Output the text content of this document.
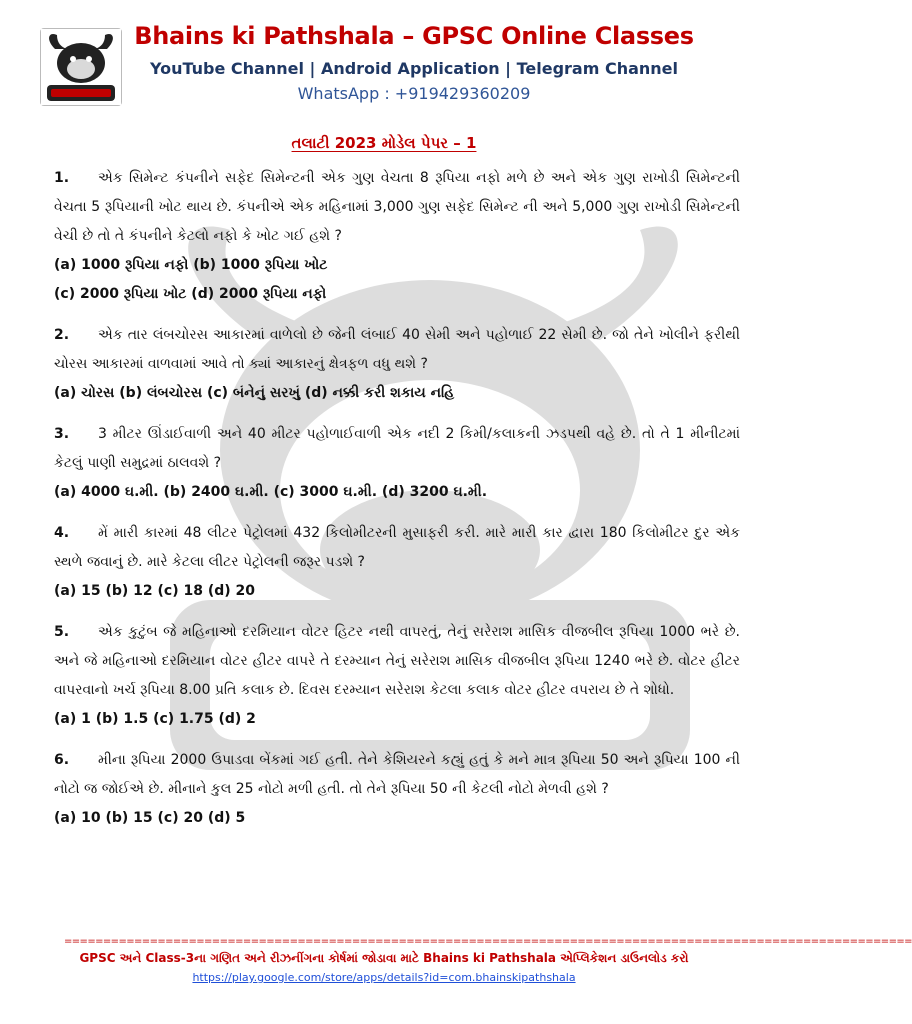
Bhains ki Pathshala – GPSC Online Classes
YouTube Channel | Android Application | Telegram Channel
WhatsApp : +919429360209
તલાટી 2023 મોડેલ પેપર – 1
1. એક સિમેન્ટ કંપનીને સફેદ સિમેન્ટની એક ગુણ વેચતા 8 રૂપિયા નફો મળે છે અને એક ગુણ રાખોડી સિમેન્ટની વેચતા 5 રૂપિયાની ખોટ થાય છે. કંપનીએ એક મહિનામાં 3,000 ગુણ સફેદ સિમેન્ટ ની અને 5,000 ગુણ રાખોડી સિમેન્ટની વેચી છે તો તે કંપનીને કેટલો નફો કે ખોટ ગઈ હશે ?
(a) 1000 રૂપિયા નફો (b) 1000 રૂપિયા ખોટ
(c) 2000 રૂપિયા ખોટ (d) 2000 રૂપિયા નફો
2. એક તાર લંબચોરસ આકારમાં વાળેલો છે જેની લંબાઈ 40 સેમી અને પહોળાઈ 22 સેમી છે. જો તેને ખોલીને ફરીથી ચોરસ આકારમાં વાળવામાં આવે તો ક્યાં આકારનું ક્ષેત્રફળ વધુ થશે ?
(a) ચોરસ (b) લંબચોરસ (c) બંનેનું સરખું (d) નક્કી કરી શકાય નહિ
3. 3 મીટર ઊંડાઈવાળી અને 40 મીટર પહોળાઈવાળી એક નદી 2 કિમી/કલાકની ઝડપથી વહે છે. તો તે 1 મીનીટમાં કેટલું પાણી સમુદ્રમાં ઠાલવશે ?
(a) 4000 ઘ.મી. (b) 2400 ઘ.મી. (c) 3000 ઘ.મી. (d) 3200 ઘ.મી.
4. મેં મારી કારમાં 48 લીટર પેટ્રોલમાં 432 કિલોમીટરની મુસાફરી કરી. મારે મારી કાર દ્વારા 180 કિલોમીટર દુર એક સ્થળે જવાનું છે. મારે કેટલા લીટર પેટ્રોલની જરૂર પડશે ?
(a) 15 (b) 12 (c) 18 (d) 20
5. એક કુટુંબ જે મહિનાઓ દરમિયાન વોટર હિટર નથી વાપરતું, તેનું સરેરાશ માસિક વીજબીલ રૂપિયા 1000 ભરે છે. અને જે મહિનાઓ દરમિયાન વોટર હીટર વાપરે તે દરમ્યાન તેનું સરેરાશ માસિક વીજબીલ રૂપિયા 1240 ભરે છે. વોટર હીટર વાપરવાનો ખર્ચ રૂપિયા 8.00 પ્રતિ કલાક છે. દિવસ દરમ્યાન સરેરાશ કેટલા કલાક વોટર હીટર વપરાય છે તે શોધો.
(a) 1 (b) 1.5 (c) 1.75 (d) 2
6. મીના રૂપિયા 2000 ઉપાડવા બેંકમાં ગઈ હતી. તેને કેશિયરને કહ્યું હતું કે મને માત્ર રૂપિયા 50 અને રૂપિયા 100 ની નોટો જ જોઈએ છે. મીનાને કુલ 25 નોટો મળી હતી. તો તેને રૂપિયા 50 ની કેટલી નોટો મેળવી હશે ?
(a) 10 (b) 15 (c) 20 (d) 5
=============================================================================================================
GPSC અને Class-3ના ગણિત અને રીઝનીંગના કોર્ષમાં જોડાવા માટે Bhains ki Pathshala એપ્લિકેશન ડાઉનલોડ કરો
https://play.google.com/store/apps/details?id=com.bhainskipathshala
